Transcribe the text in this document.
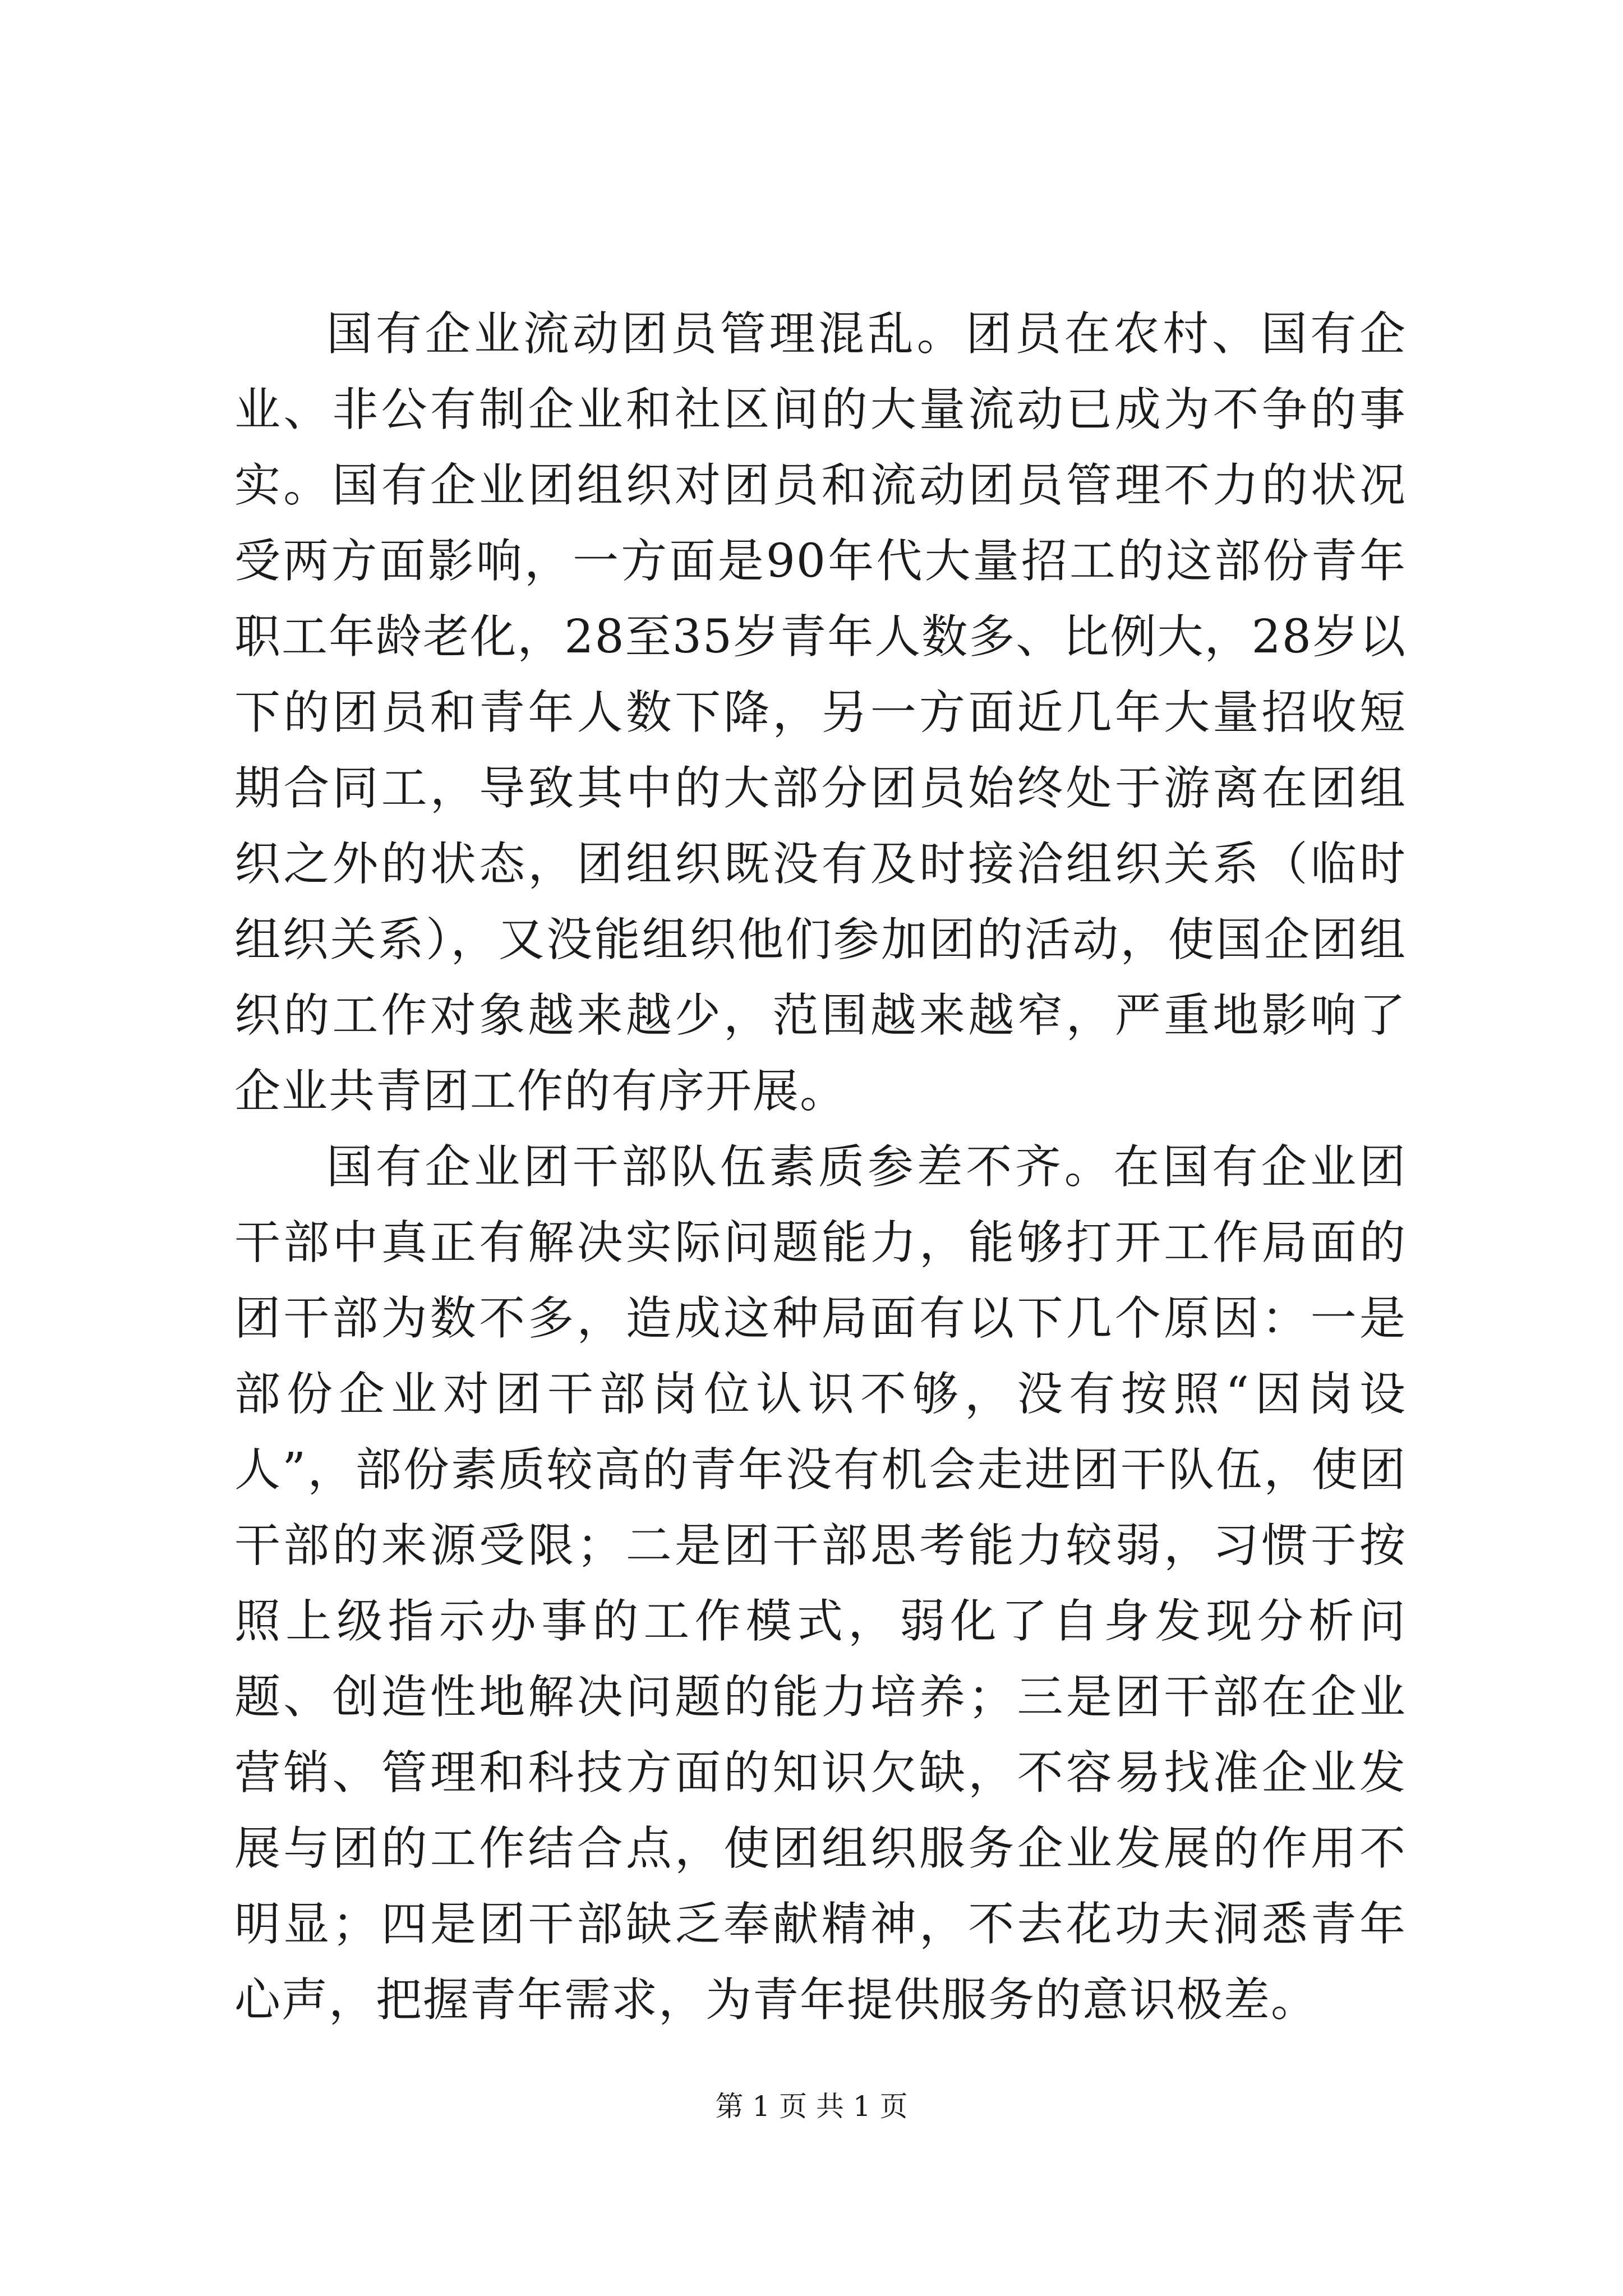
国有企业流动团员管理混乱。团员在农村、国有企业、非公有制企业和社区间的大量流动已成为不争的事实。国有企业团组织对团员和流动团员管理不力的状况受两方面影响，一方面是90年代大量招工的这部份青年职工年龄老化，28至35岁青年人数多、比例大，28岁以下的团员和青年人数下降，另一方面近几年大量招收短期合同工，导致其中的大部分团员始终处于游离在团组织之外的状态，团组织既没有及时接洽组织关系（临时组织关系），又没能组织他们参加团的活动，使国企团组织的工作对象越来越少，范围越来越窄，严重地影响了企业共青团工作的有序开展。

国有企业团干部队伍素质参差不齐。在国有企业团干部中真正有解决实际问题能力，能够打开工作局面的团干部为数不多，造成这种局面有以下几个原因：一是部份企业对团干部岗位认识不够，没有按照“因岗设人”，部份素质较高的青年没有机会走进团干队伍，使团干部的来源受限；二是团干部思考能力较弱，习惯于按照上级指示办事的工作模式，弱化了自身发现分析问题、创造性地解决问题的能力培养；三是团干部在企业营销、管理和科技方面的知识欠缺，不容易找准企业发展与团的工作结合点，使团组织服务企业发展的作用不明显；四是团干部缺乏奉献精神，不去花功夫洞悉青年心声，把握青年需求，为青年提供服务的意识极差。

第 1 页 共 1 页
